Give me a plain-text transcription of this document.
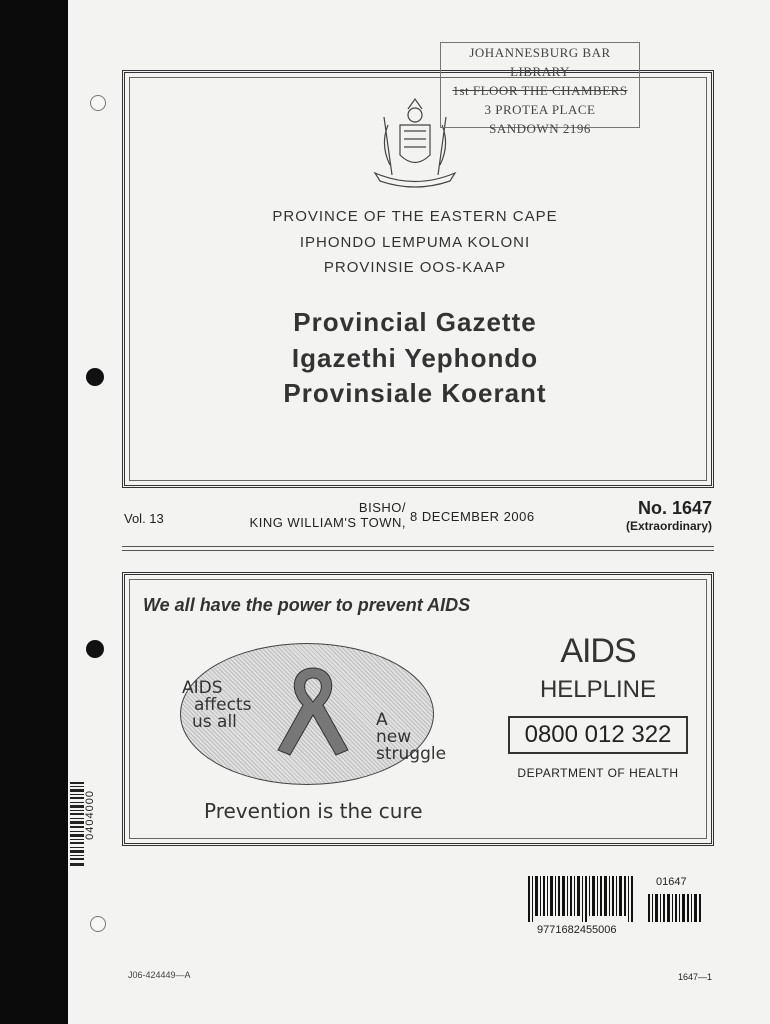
0404000
JOHANNESBURG BAR LIBRARY
1st FLOOR THE CHAMBERS
3 PROTEA PLACE
SANDOWN 2196
PROVINCE OF THE EASTERN CAPE
IPHONDO LEMPUMA KOLONI
PROVINSIE OOS-KAAP
Provincial Gazette
Igazethi Yephondo
Provinsiale Koerant
Vol. 13
BISHO/
KING WILLIAM'S TOWN, 8 DECEMBER 2006	No. 1647
(Extraordinary)
We all have the power to prevent AIDS
AIDS
affects
us all	A
new
struggle
Prevention is the cure
AIDS
HELPLINE
0800 012 322
DEPARTMENT OF HEALTH
9771682455006
01647
J06-424449—A	1647—1
